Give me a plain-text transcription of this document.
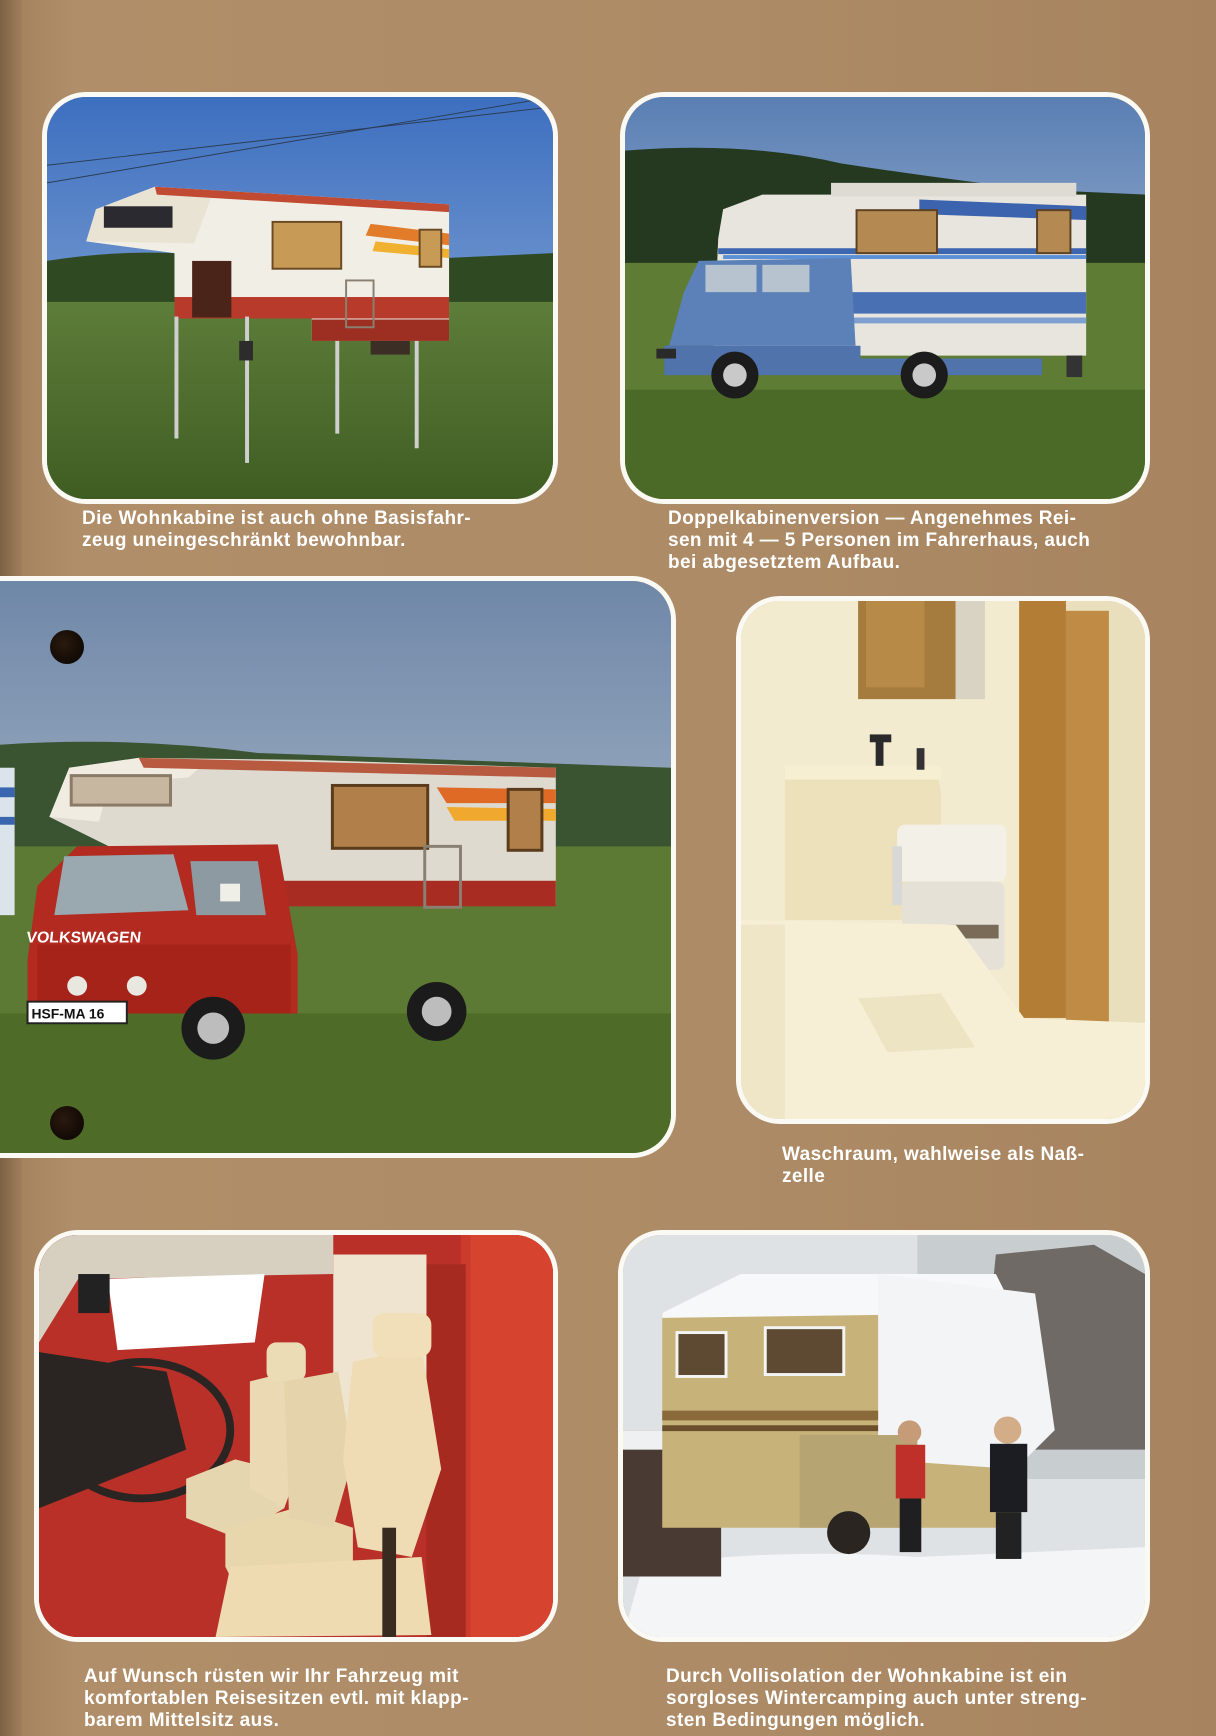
Die Wohnkabine ist auch ohne Basisfahr-
zeug uneingeschränkt bewohnbar.
Doppelkabinenversion — Angenehmes Rei-
sen mit 4 — 5 Personen im Fahrerhaus, auch
bei abgesetztem Aufbau.
VOLKSWAGEN
HSF-MA 16
Waschraum, wahlweise als Naß-
zelle
Auf Wunsch rüsten wir Ihr Fahrzeug mit
komfortablen Reisesitzen evtl. mit klapp-
barem Mittelsitz aus.
Durch Vollisolation der Wohnkabine ist ein
sorgloses Wintercamping auch unter streng-
sten Bedingungen möglich.
